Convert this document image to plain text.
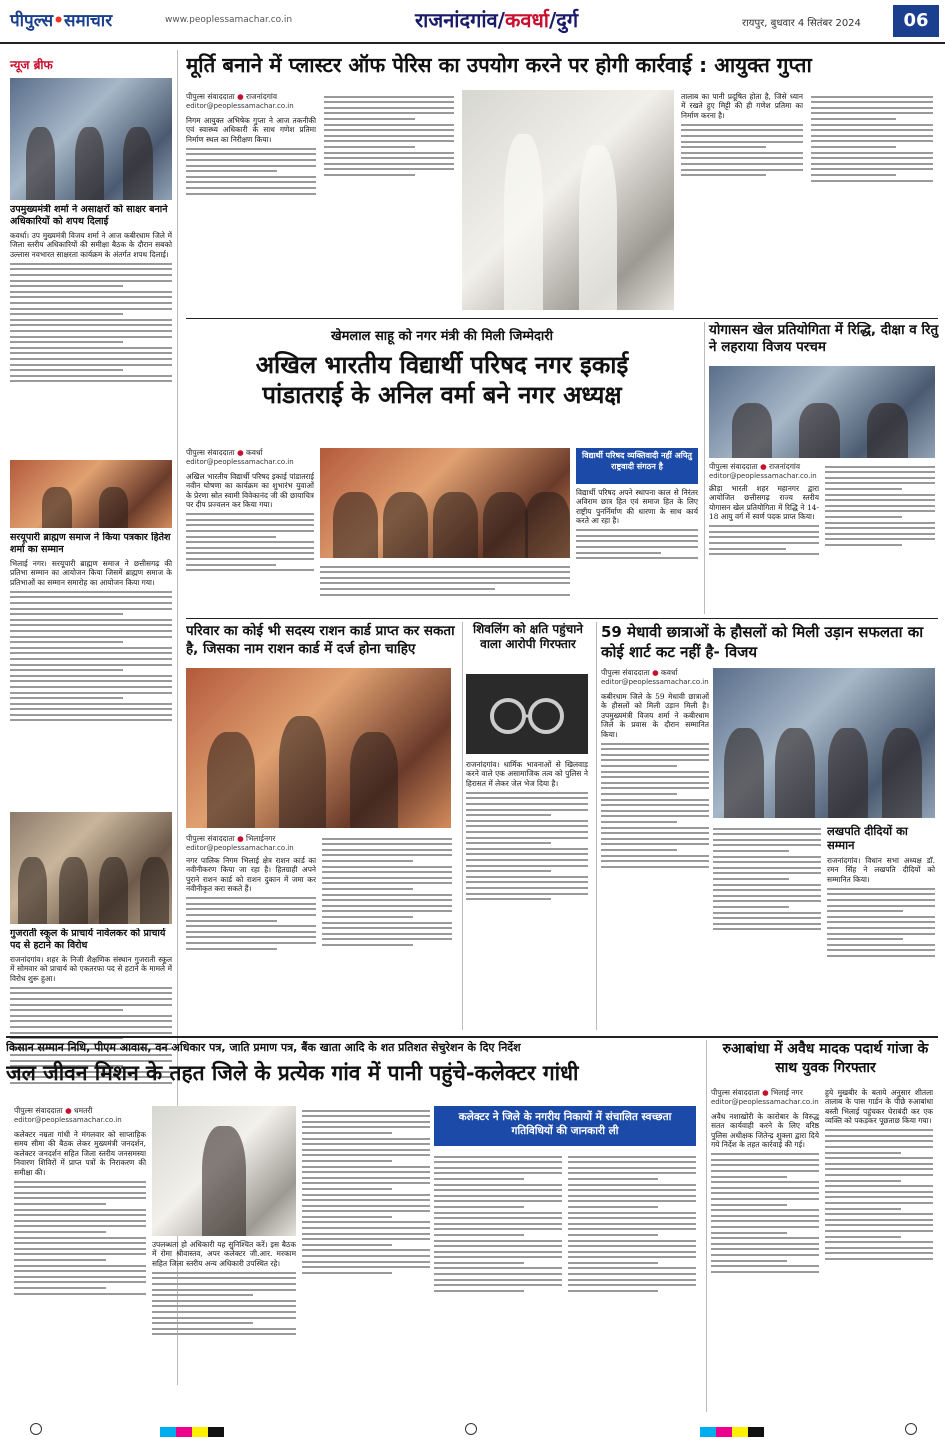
पीपुल्स•समाचार	www.peoplessamachar.co.in	राजनांदगांव/कवर्धा/दुर्ग	रायपुर, बुधवार 4 सितंबर 2024	06
न्यूज ब्रीफ
उपमुख्यमंत्री शर्मा ने असाक्षरों को साक्षर बनाने अधिकारियों को शपथ दिलाई
कवर्धा। उप मुख्यमंत्री विजय शर्मा ने आज कबीरधाम जिले में जिला स्तरीय अधिकारियों की समीक्षा बैठक के दौरान सबको उल्लास नवभारत साक्षरता कार्यक्रम के अंतर्गत शपथ दिलाई।
सरयूपारी ब्राह्मण समाज ने किया पत्रकार हितेश शर्मा का सम्मान
भिलाई नगर। सरयूपारी ब्राह्मण समाज ने छत्तीसगढ़ की प्रतिभा सम्मान का आयोजन किया जिसमें ब्राह्मण समाज के प्रतिभाओं का सम्मान समारोह का आयोजन किया गया।
गुजराती स्कूल के प्राचार्य नावेलकर को प्राचार्य पद से हटाने का विरोध
राजनांदगांव। शहर के निजी शैक्षणिक संस्थान गुजराती स्कूल में सोमवार को प्राचार्य को एकतरफा पद से हटाने के मामले में विरोध शुरू हुआ।
मूर्ति बनाने में प्लास्टर ऑफ पेरिस का उपयोग करने पर होगी कार्रवाई : आयुक्त गुप्ता
पीपुल्स संवाददाता ● राजनांदगांव
editor@peoplessamachar.co.in
निगम आयुक्त अभिषेक गुप्ता ने आज तकनीकी एवं स्वास्थ्य अधिकारी के साथ गणेश प्रतिमा निर्माण स्थल का निरीक्षण किया।
तालाब का पानी प्रदूषित होता है, जिसे ध्यान में रखते हुए मिट्टी की ही गणेश प्रतिमा का निर्माण करना है।
खेमलाल साहू को नगर मंत्री की मिली जिम्मेदारी
अखिल भारतीय विद्यार्थी परिषद नगर इकाई
पांडातराई के अनिल वर्मा बने नगर अध्यक्ष
पीपुल्स संवाददाता ● कवर्धा
editor@peoplessamachar.co.in
अखिल भारतीय विद्यार्थी परिषद इकाई पांडातराई नवीन घोषणा का कार्यक्रम का शुभारंभ युवाओं के प्रेरणा स्रोत स्वामी विवेकानंद जी की छायाचित्र पर दीप प्रज्वलन कर किया गया।
विद्यार्थी परिषद व्यक्तिवादी नहीं अपितु राष्ट्रवादी संगठन है
विद्यार्थी परिषद अपने स्थापना काल से निरंतर अविराम छात्र हित एवं समाज हित के लिए राष्ट्रीय पुनर्निर्माण की धारणा के साथ कार्य करते आ रहा है।
योगासन खेल प्रतियोगिता में रिद्धि, दीक्षा व रितु ने लहराया विजय परचम
पीपुल्स संवाददाता ● राजनांदगांव
editor@peoplessamachar.co.in
क्रीड़ा भारती शहर महानगर द्वारा आयोजित छत्तीसगढ़ राज्य स्तरीय योगासन खेल प्रतियोगिता में रिद्धि ने 14-18 आयु वर्ग में स्वर्ण पदक प्राप्त किया।
परिवार का कोई भी सदस्य राशन कार्ड प्राप्त कर सकता है, जिसका नाम राशन कार्ड में दर्ज होना चाहिए
पीपुल्स संवाददाता ● भिलाईनगर
editor@peoplessamachar.co.in
नगर पालिक निगम भिलाई क्षेत्र राशन कार्ड का नवीनीकरण किया जा रहा है। हितग्राही अपने पुराने राशन कार्ड को राशन दुकान में जमा कर नवीनीकृत करा सकते हैं।
शिवलिंग को क्षति पहुंचाने वाला आरोपी गिरफ्तार
राजनांदगांव। धार्मिक भावनाओं से खिलवाड़ करने वाले एक असामाजिक तत्व को पुलिस ने हिरासत में लेकर जेल भेज दिया है।
59 मेधावी छात्राओं के हौसलों को मिली उड़ान सफलता का कोई शार्ट कट नहीं है- विजय
पीपुल्स संवाददाता ● कवर्धा
editor@peoplessamachar.co.in
कबीरधाम जिले के 59 मेधावी छात्राओं के हौसलों को मिली उड़ान मिली है। उपमुख्यमंत्री विजय शर्मा ने कबीरधाम जिले के प्रवास के दौरान सम्मानित किया।
लखपति दीदियों का सम्मान
राजनांदगांव। विधान सभा अध्यक्ष डॉ. रमन सिंह ने लखपति दीदियों को सम्मानित किया।
किसान सम्मान निधि, पीएम आवास, वन अधिकार पत्र, जाति प्रमाण पत्र, बैंक खाता आदि के शत प्रतिशत सेचुरेशन के दिए निर्देश
जल जीवन मिशन के तहत जिले के प्रत्येक गांव में पानी पहुंचे-कलेक्टर गांधी
पीपुल्स संवाददाता ● धमतरी
editor@peoplessamachar.co.in
कलेक्टर नम्रता गांधी ने मंगलवार को साप्ताहिक समय सीमा की बैठक लेकर मुख्यमंत्री जनदर्शन, कलेक्टर जनदर्शन सहित जिला स्तरीय जनसमस्या निवारण शिविरों में प्राप्त पत्रों के निराकरण की समीक्षा की।
उपलब्धता हो अधिकारी यह सुनिश्चित करें। इस बैठक में रोमा श्रीवास्तव, अपर कलेक्टर जी.आर. मरकाम सहित जिला स्तरीय अन्य अधिकारी उपस्थित रहे।
कलेक्टर ने जिले के नगरीय निकायों में संचालित स्वच्छता गतिविधियों की जानकारी ली
रुआबांधा में अवैध मादक पदार्थ गांजा के साथ युवक गिरफ्तार
पीपुल्स संवाददाता ● भिलाई नगर
editor@peoplessamachar.co.in
अवैध नशाखोरी के कारोबार के विरुद्ध सतत कार्यवाही करने के लिए वरिष्ठ पुलिस अधीक्षक जितेन्द्र शुक्ला द्वारा दिये गये निर्देश के तहत कार्रवाई की गई।
हुये मुखबीर के बताये अनुसार शीतला तालाब के पास गार्डन के पीछे रुआबांधा बस्ती भिलाई पहुंचकर घेराबंदी कर एक व्यक्ति को पकड़कर पूछताछ किया गया।
